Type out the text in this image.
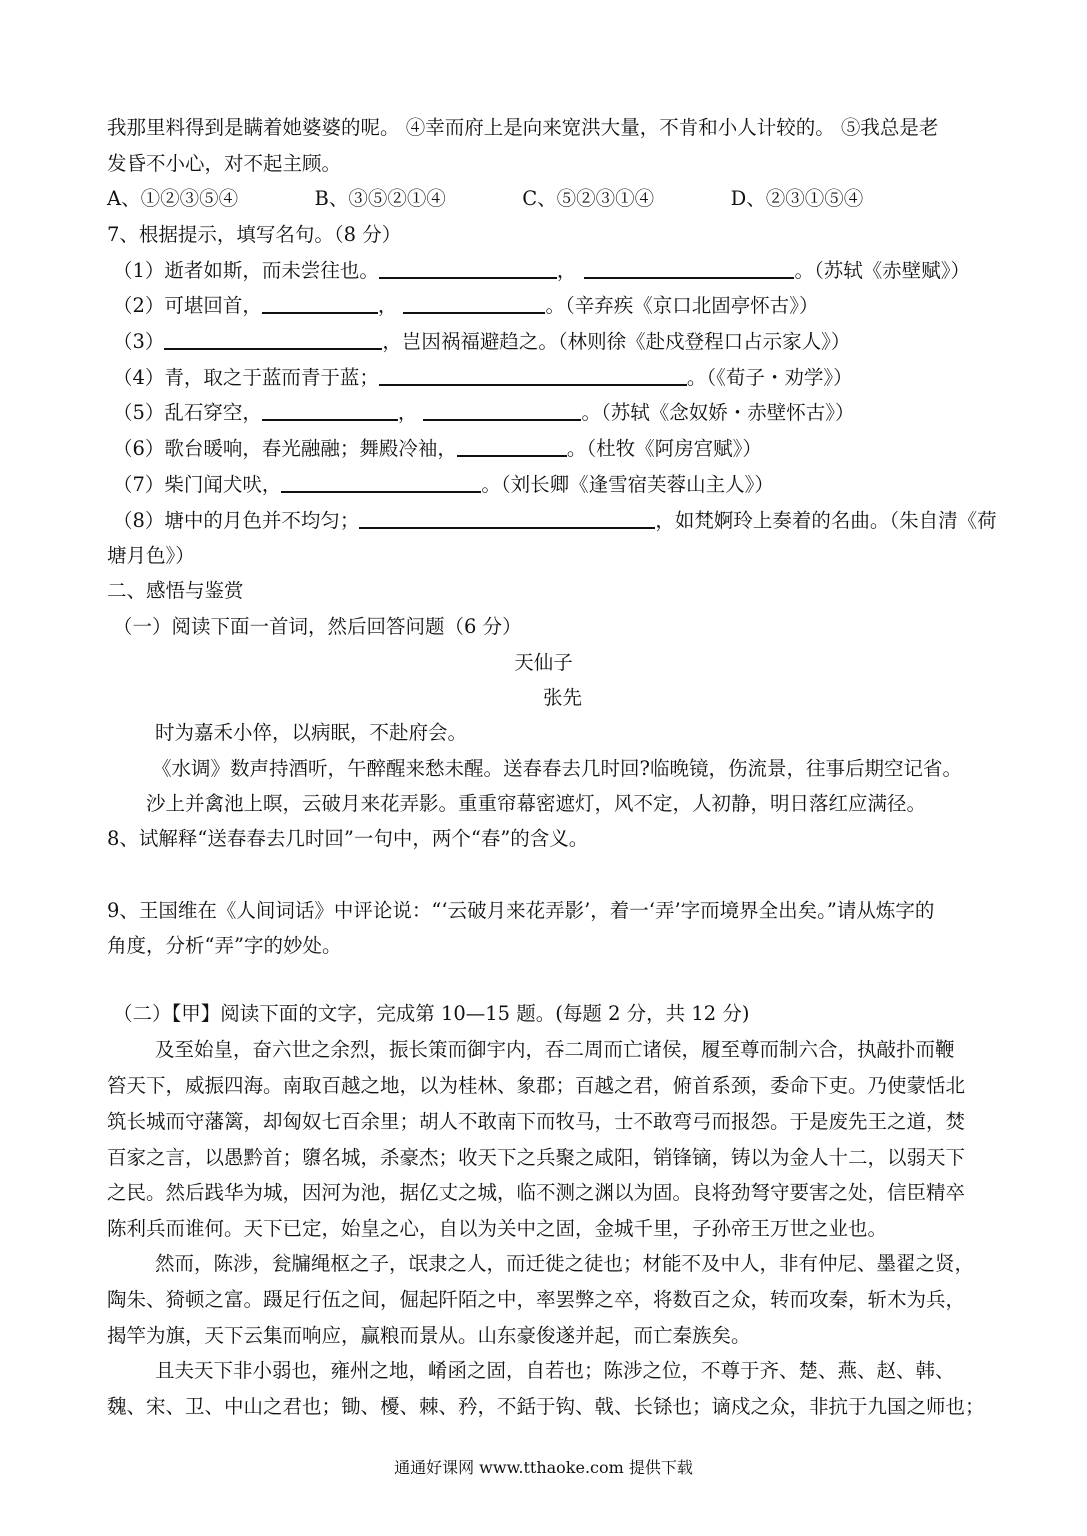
我那里料得到是瞒着她婆婆的呢。 ④幸而府上是向来宽洪大量，不肯和小人计较的。 ⑤我总是老
发昏不小心，对不起主顾。
A、①②③⑤④	B、③⑤②①④	C、⑤②③①④	D、②③①⑤④
7、根据提示，填写名句。（8 分）
（1）逝者如斯，而未尝往也。	，	。（苏轼《赤壁赋》）
（2）可堪回首，	，	。（辛弃疾《京口北固亭怀古》）
（3）	，岂因祸福避趋之。（林则徐《赴戍登程口占示家人》）
（4）青，取之于蓝而青于蓝；	。（《荀子・劝学》）
（5）乱石穿空，	，	。（苏轼《念奴娇・赤壁怀古》）
（6）歌台暖响，春光融融；舞殿冷袖，	。（杜牧《阿房宫赋》）
（7）柴门闻犬吠，	。（刘长卿《逢雪宿芙蓉山主人》）
（8）塘中的月色并不均匀；	，如梵婀玲上奏着的名曲。（朱自清《荷
塘月色》）
二、感悟与鉴赏
（一）阅读下面一首词，然后回答问题（6 分）
天仙子
张先
时为嘉禾小倅，以病眠，不赴府会。
《水调》数声持酒听，午醉醒来愁未醒。送春春去几时回?临晚镜，伤流景，往事后期空记省。
沙上并禽池上暝，云破月来花弄影。重重帘幕密遮灯，风不定，人初静，明日落红应满径。
8、试解释“送春春去几时回”一句中，两个“春”的含义。
9、王国维在《人间词话》中评论说：“‘云破月来花弄影’，着一‘弄’字而境界全出矣。”请从炼字的
角度，分析“弄”字的妙处。
（二）【甲】阅读下面的文字，完成第 10—15 题。(每题 2 分，共 12 分)
及至始皇，奋六世之余烈，振长策而御宇内，吞二周而亡诸侯，履至尊而制六合，执敲扑而鞭
笞天下，威振四海。南取百越之地，以为桂林、象郡；百越之君，俯首系颈，委命下吏。乃使蒙恬北
筑长城而守藩篱，却匈奴七百余里；胡人不敢南下而牧马，士不敢弯弓而报怨。于是废先王之道，焚
百家之言，以愚黔首；隳名城，杀豪杰；收天下之兵聚之咸阳，销锋镝，铸以为金人十二，以弱天下
之民。然后践华为城，因河为池，据亿丈之城，临不测之渊以为固。良将劲弩守要害之处，信臣精卒
陈利兵而谁何。天下已定，始皇之心，自以为关中之固，金城千里，子孙帝王万世之业也。
然而，陈涉，瓮牖绳枢之子，氓隶之人，而迁徙之徒也；材能不及中人，非有仲尼、墨翟之贤，
陶朱、猗顿之富。蹑足行伍之间，倔起阡陌之中，率罢弊之卒，将数百之众，转而攻秦，斩木为兵，
揭竿为旗，天下云集而响应，赢粮而景从。山东豪俊遂并起，而亡秦族矣。
且夫天下非小弱也，雍州之地，崤函之固，自若也；陈涉之位，不尊于齐、楚、燕、赵、韩、
魏、宋、卫、中山之君也；锄、櫌、棘、矜，不銛于钩、戟、长铩也；谪戍之众，非抗于九国之师也；
通通好课网 www.tthaoke.com 提供下载
